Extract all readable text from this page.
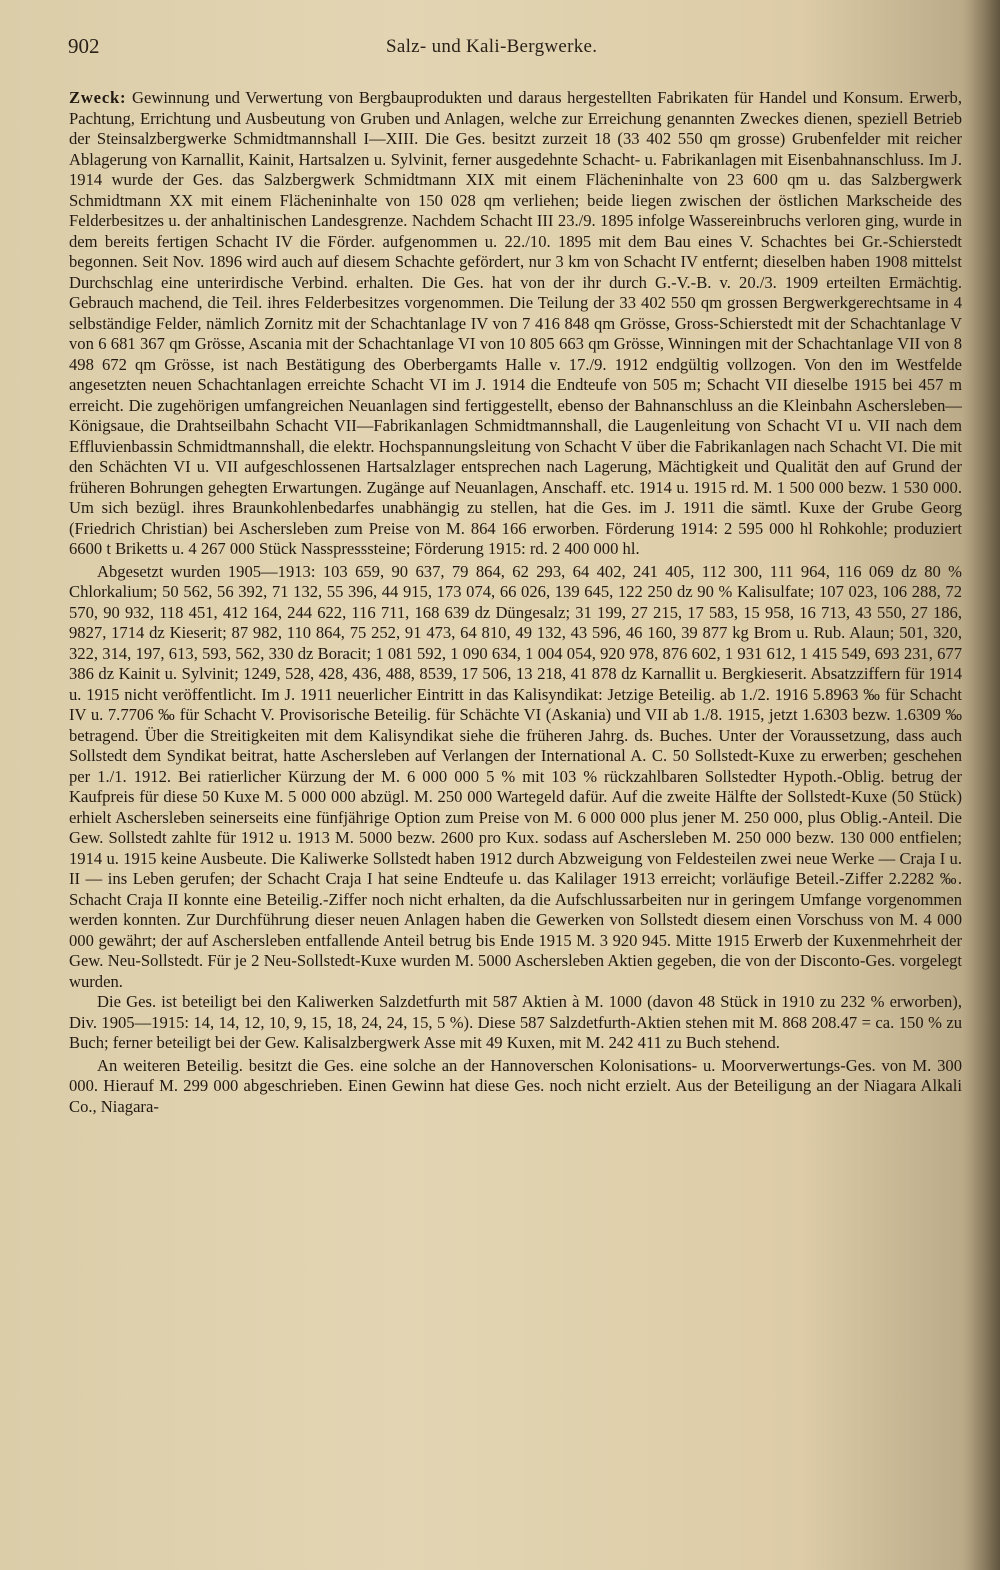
902	Salz- und Kali-Bergwerke.

Zweck: Gewinnung und Verwertung von Bergbauprodukten und daraus hergestellten Fabrikaten für Handel und Konsum. Erwerb, Pachtung, Errichtung und Ausbeutung von Gruben und Anlagen, welche zur Erreichung genannten Zweckes dienen, speziell Betrieb der Steinsalzbergwerke Schmidtmannshall I—XIII. Die Ges. besitzt zurzeit 18 (33 402 550 qm grosse) Grubenfelder mit reicher Ablagerung von Karnallit, Kainit, Hartsalzen u. Sylvinit, ferner ausgedehnte Schacht- u. Fabrikanlagen mit Eisenbahnanschluss. Im J. 1914 wurde der Ges. das Salzbergwerk Schmidtmann XIX mit einem Flächeninhalte von 23 600 qm u. das Salzbergwerk Schmidtmann XX mit einem Flächeninhalte von 150 028 qm verliehen; beide liegen zwischen der östlichen Markscheide des Felderbesitzes u. der anhaltinischen Landesgrenze. Nachdem Schacht III 23./9. 1895 infolge Wassereinbruchs verloren ging, wurde in dem bereits fertigen Schacht IV die Förder. aufgenommen u. 22./10. 1895 mit dem Bau eines V. Schachtes bei Gr.-Schierstedt begonnen. Seit Nov. 1896 wird auch auf diesem Schachte gefördert, nur 3 km von Schacht IV entfernt; dieselben haben 1908 mittelst Durchschlag eine unterirdische Verbind. erhalten. Die Ges. hat von der ihr durch G.-V.-B. v. 20./3. 1909 erteilten Ermächtig. Gebrauch machend, die Teil. ihres Felderbesitzes vorgenommen. Die Teilung der 33 402 550 qm grossen Bergwerkgerechtsame in 4 selbständige Felder, nämlich Zornitz mit der Schachtanlage IV von 7 416 848 qm Grösse, Gross-Schierstedt mit der Schachtanlage V von 6 681 367 qm Grösse, Ascania mit der Schachtanlage VI von 10 805 663 qm Grösse, Winningen mit der Schachtanlage VII von 8 498 672 qm Grösse, ist nach Bestätigung des Oberbergamts Halle v. 17./9. 1912 endgültig vollzogen. Von den im Westfelde angesetzten neuen Schachtanlagen erreichte Schacht VI im J. 1914 die Endteufe von 505 m; Schacht VII dieselbe 1915 bei 457 m erreicht. Die zugehörigen umfangreichen Neuanlagen sind fertiggestellt, ebenso der Bahnanschluss an die Kleinbahn Aschersleben—Königsaue, die Drahtseilbahn Schacht VII—Fabrikanlagen Schmidtmannshall, die Laugenleitung von Schacht VI u. VII nach dem Effluvienbassin Schmidtmannshall, die elektr. Hochspannungsleitung von Schacht V über die Fabrikanlagen nach Schacht VI. Die mit den Schächten VI u. VII aufgeschlossenen Hartsalzlager entsprechen nach Lagerung, Mächtigkeit und Qualität den auf Grund der früheren Bohrungen gehegten Erwartungen. Zugänge auf Neuanlagen, Anschaff. etc. 1914 u. 1915 rd. M. 1 500 000 bezw. 1 530 000. Um sich bezügl. ihres Braunkohlenbedarfes unabhängig zu stellen, hat die Ges. im J. 1911 die sämtl. Kuxe der Grube Georg (Friedrich Christian) bei Aschersleben zum Preise von M. 864 166 erworben. Förderung 1914: 2 595 000 hl Rohkohle; produziert 6600 t Briketts u. 4 267 000 Stück Nasspresssteine; Förderung 1915: rd. 2 400 000 hl.

Abgesetzt wurden 1905—1913: 103 659, 90 637, 79 864, 62 293, 64 402, 241 405, 112 300, 111 964, 116 069 dz 80 % Chlorkalium; 50 562, 56 392, 71 132, 55 396, 44 915, 173 074, 66 026, 139 645, 122 250 dz 90 % Kalisulfate; 107 023, 106 288, 72 570, 90 932, 118 451, 412 164, 244 622, 116 711, 168 639 dz Düngesalz; 31 199, 27 215, 17 583, 15 958, 16 713, 43 550, 27 186, 9827, 1714 dz Kieserit; 87 982, 110 864, 75 252, 91 473, 64 810, 49 132, 43 596, 46 160, 39 877 kg Brom u. Rub. Alaun; 501, 320, 322, 314, 197, 613, 593, 562, 330 dz Boracit; 1 081 592, 1 090 634, 1 004 054, 920 978, 876 602, 1 931 612, 1 415 549, 693 231, 677 386 dz Kainit u. Sylvinit; 1249, 528, 428, 436, 488, 8539, 17 506, 13 218, 41 878 dz Karnallit u. Bergkieserit. Absatzziffern für 1914 u. 1915 nicht veröffentlicht. Im J. 1911 neuerlicher Eintritt in das Kalisyndikat: Jetzige Beteilig. ab 1./2. 1916 5.8963 ‰ für Schacht IV u. 7.7706 ‰ für Schacht V. Provisorische Beteilig. für Schächte VI (Askania) und VII ab 1./8. 1915, jetzt 1.6303 bezw. 1.6309 ‰ betragend. Über die Streitigkeiten mit dem Kalisyndikat siehe die früheren Jahrg. ds. Buches. Unter der Voraussetzung, dass auch Sollstedt dem Syndikat beitrat, hatte Aschersleben auf Verlangen der International A. C. 50 Sollstedt-Kuxe zu erwerben; geschehen per 1./1. 1912. Bei ratierlicher Kürzung der M. 6 000 000 5 % mit 103 % rückzahlbaren Sollstedter Hypoth.-Oblig. betrug der Kaufpreis für diese 50 Kuxe M. 5 000 000 abzügl. M. 250 000 Wartegeld dafür. Auf die zweite Hälfte der Sollstedt-Kuxe (50 Stück) erhielt Aschersleben seinerseits eine fünfjährige Option zum Preise von M. 6 000 000 plus jener M. 250 000, plus Oblig.-Anteil. Die Gew. Sollstedt zahlte für 1912 u. 1913 M. 5000 bezw. 2600 pro Kux. sodass auf Aschersleben M. 250 000 bezw. 130 000 entfielen; 1914 u. 1915 keine Ausbeute. Die Kaliwerke Sollstedt haben 1912 durch Abzweigung von Feldesteilen zwei neue Werke — Craja I u. II — ins Leben gerufen; der Schacht Craja I hat seine Endteufe u. das Kalilager 1913 erreicht; vorläufige Beteil.-Ziffer 2.2282 ‰. Schacht Craja II konnte eine Beteilig.-Ziffer noch nicht erhalten, da die Aufschlussarbeiten nur in geringem Umfange vorgenommen werden konnten. Zur Durchführung dieser neuen Anlagen haben die Gewerken von Sollstedt diesem einen Vorschuss von M. 4 000 000 gewährt; der auf Aschersleben entfallende Anteil betrug bis Ende 1915 M. 3 920 945. Mitte 1915 Erwerb der Kuxenmehrheit der Gew. Neu-Sollstedt. Für je 2 Neu-Sollstedt-Kuxe wurden M. 5000 Aschersleben Aktien gegeben, die von der Disconto-Ges. vorgelegt wurden.

Die Ges. ist beteiligt bei den Kaliwerken Salzdetfurth mit 587 Aktien à M. 1000 (davon 48 Stück in 1910 zu 232 % erworben), Div. 1905—1915: 14, 14, 12, 10, 9, 15, 18, 24, 24, 15, 5 %). Diese 587 Salzdetfurth-Aktien stehen mit M. 868 208.47 = ca. 150 % zu Buch; ferner beteiligt bei der Gew. Kalisalzbergwerk Asse mit 49 Kuxen, mit M. 242 411 zu Buch stehend.

An weiteren Beteilig. besitzt die Ges. eine solche an der Hannoverschen Kolonisations- u. Moorverwertungs-Ges. von M. 300 000. Hierauf M. 299 000 abgeschrieben. Einen Gewinn hat diese Ges. noch nicht erzielt. Aus der Beteiligung an der Niagara Alkali Co., Niagara-
